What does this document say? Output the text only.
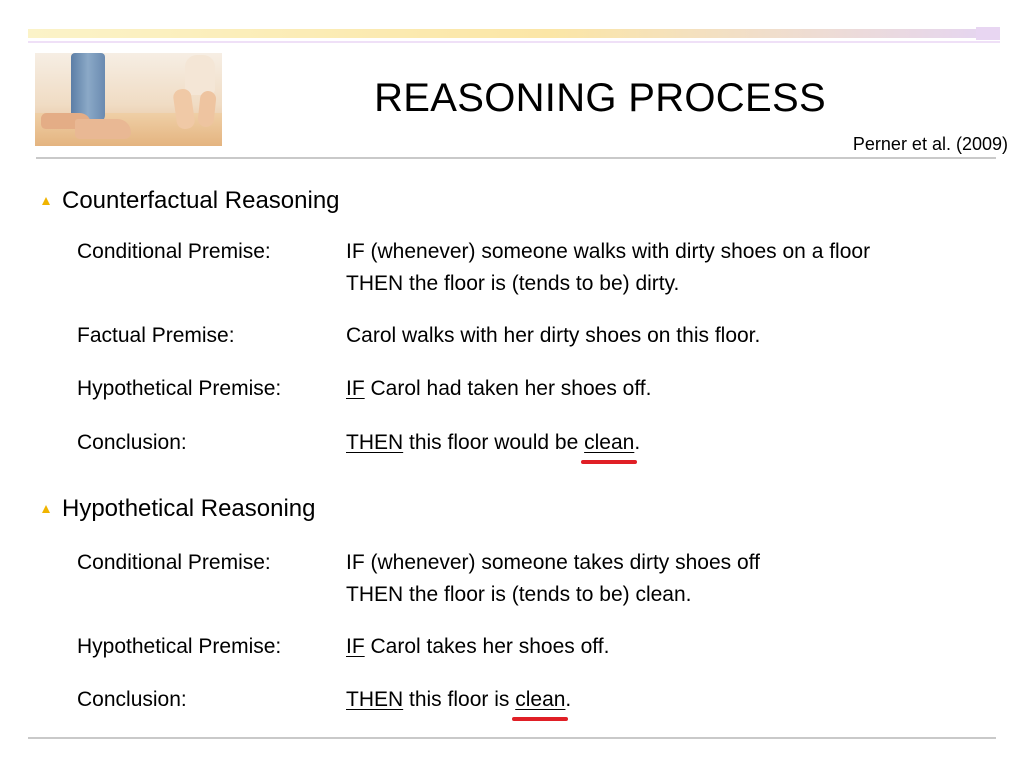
REASONING PROCESS
Perner et al. (2009)
Counterfactual Reasoning
Conditional Premise:	IF (whenever) someone walks with dirty shoes on a floor
THEN the floor is (tends to be) dirty.
Factual Premise:	Carol walks with her dirty shoes on this floor.
Hypothetical Premise:	IF Carol had taken her shoes off.
Conclusion:	THEN this floor would be clean.
Hypothetical Reasoning
Conditional Premise:	IF (whenever) someone takes dirty shoes off
THEN the floor is (tends to be) clean.
Hypothetical Premise:	IF Carol takes her shoes off.
Conclusion:	THEN this floor is clean.
